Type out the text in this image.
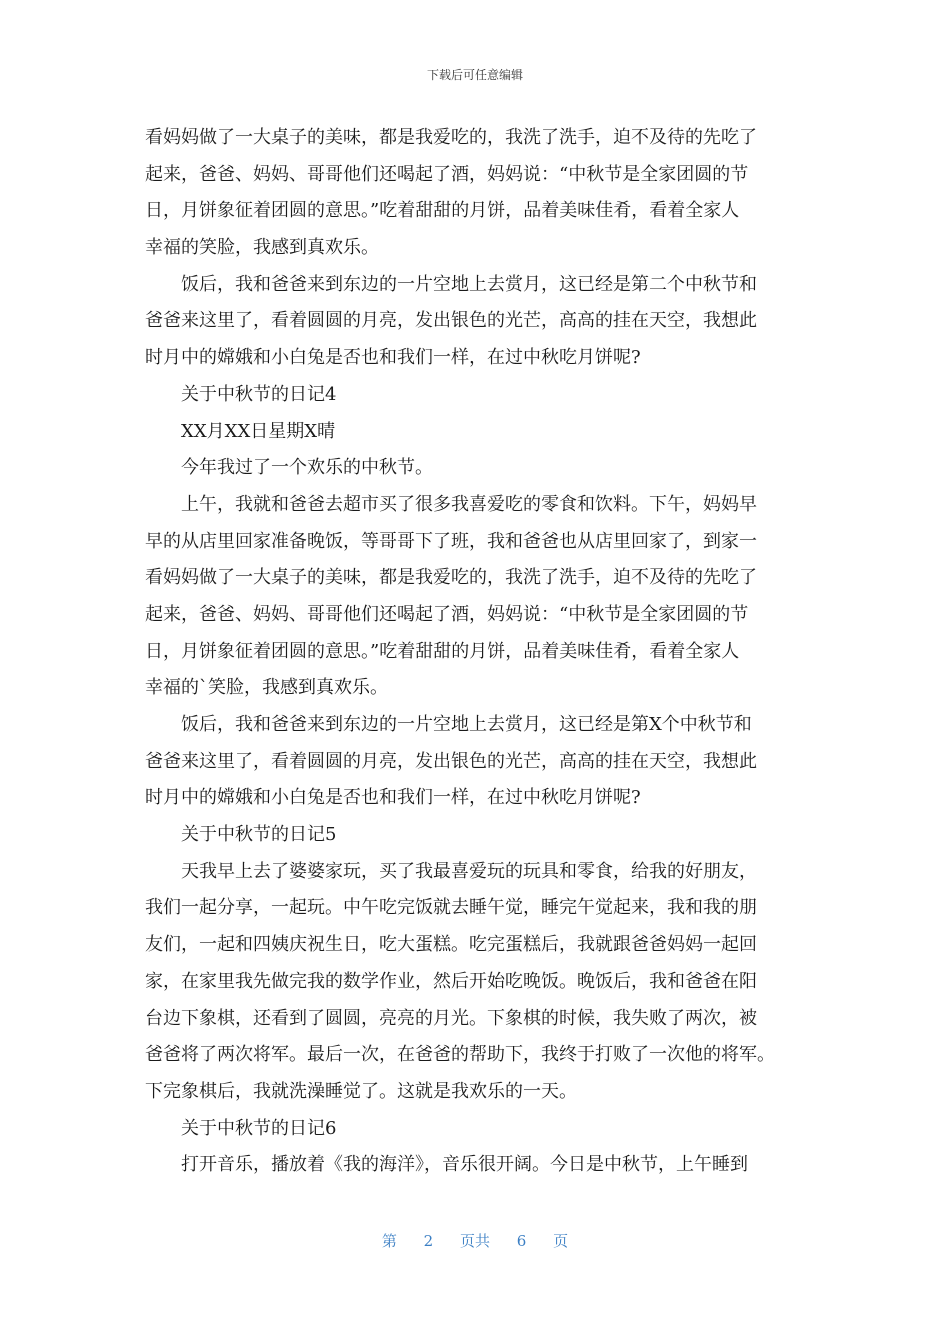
下载后可任意编辑
看妈妈做了一大桌子的美味，都是我爱吃的，我洗了洗手，迫不及待的先吃了
起来，爸爸、妈妈、哥哥他们还喝起了酒，妈妈说：“中秋节是全家团圆的节
日，月饼象征着团圆的意思。”吃着甜甜的月饼，品着美味佳肴，看着全家人
幸福的笑脸，我感到真欢乐。
饭后，我和爸爸来到东边的一片空地上去赏月，这已经是第二个中秋节和
爸爸来这里了，看着圆圆的月亮，发出银色的光芒，高高的挂在天空，我想此
时月中的嫦娥和小白兔是否也和我们一样，在过中秋吃月饼呢?
关于中秋节的日记4
XX月XX日星期X晴
今年我过了一个欢乐的中秋节。
上午，我就和爸爸去超市买了很多我喜爱吃的零食和饮料。下午，妈妈早
早的从店里回家准备晚饭，等哥哥下了班，我和爸爸也从店里回家了，到家一
看妈妈做了一大桌子的美味，都是我爱吃的，我洗了洗手，迫不及待的先吃了
起来，爸爸、妈妈、哥哥他们还喝起了酒，妈妈说：“中秋节是全家团圆的节
日，月饼象征着团圆的意思。”吃着甜甜的月饼，品着美味佳肴，看着全家人
幸福的`笑脸，我感到真欢乐。
饭后，我和爸爸来到东边的一片空地上去赏月，这已经是第X个中秋节和
爸爸来这里了，看着圆圆的月亮，发出银色的光芒，高高的挂在天空，我想此
时月中的嫦娥和小白兔是否也和我们一样，在过中秋吃月饼呢?
关于中秋节的日记5
天我早上去了婆婆家玩，买了我最喜爱玩的玩具和零食，给我的好朋友，
我们一起分享，一起玩。中午吃完饭就去睡午觉，睡完午觉起来，我和我的朋
友们，一起和四姨庆祝生日，吃大蛋糕。吃完蛋糕后，我就跟爸爸妈妈一起回
家，在家里我先做完我的数学作业，然后开始吃晚饭。晚饭后，我和爸爸在阳
台边下象棋，还看到了圆圆，亮亮的月光。下象棋的时候，我失败了两次，被
爸爸将了两次将军。最后一次，在爸爸的帮助下，我终于打败了一次他的将军。
下完象棋后，我就洗澡睡觉了。这就是我欢乐的一天。
关于中秋节的日记6
打开音乐，播放着《我的海洋》，音乐很开阔。今日是中秋节，上午睡到
第 2 页共 6 页
